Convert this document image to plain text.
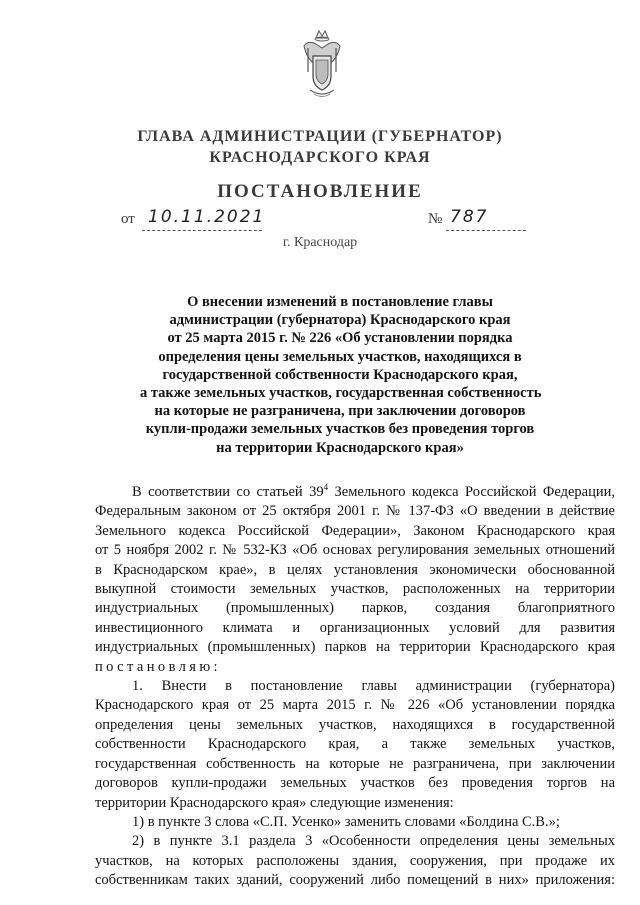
ГЛАВА АДМИНИСТРАЦИИ (ГУБЕРНАТОР)
КРАСНОДАРСКОГО КРАЯ
ПОСТАНОВЛЕНИЕ
от 10.11.2021	№ 787
г. Краснодар
О внесении изменений в постановление главы
администрации (губернатора) Краснодарского края
от 25 марта 2015 г. № 226 «Об установлении порядка
определения цены земельных участков, находящихся в
государственной собственности Краснодарского края,
а также земельных участков, государственная собственность
на которые не разграничена, при заключении договоров
купли-продажи земельных участков без проведения торгов
на территории Краснодарского края»
В соответствии со статьей $39^4$ Земельного кодекса Российской Федерации,
Федеральным законом от 25 октября 2001 г. № 137-ФЗ «О введении в действие
Земельного кодекса Российской Федерации», Законом Краснодарского края
от 5 ноября 2002 г. № 532-КЗ «Об основах регулирования земельных отношений
в Краснодарском крае», в целях установления экономически обоснованной
выкупной стоимости земельных участков, расположенных на территории
индустриальных (промышленных) парков, создания благоприятного
инвестиционного климата и организационных условий для развития
индустриальных (промышленных) парков на территории Краснодарского края
постановляю:
1. Внести в постановление главы администрации (губернатора)
Краснодарского края от 25 марта 2015 г. № 226 «Об установлении порядка
определения цены земельных участков, находящихся в государственной
собственности Краснодарского края, а также земельных участков,
государственная собственность на которые не разграничена, при заключении
договоров купли-продажи земельных участков без проведения торгов на
территории Краснодарского края» следующие изменения:
1) в пункте 3 слова «С.П. Усенко» заменить словами «Болдина С.В.»;
2) в пункте 3.1 раздела 3 «Особенности определения цены земельных
участков, на которых расположены здания, сооружения, при продаже их
собственникам таких зданий, сооружений либо помещений в них» приложения:
